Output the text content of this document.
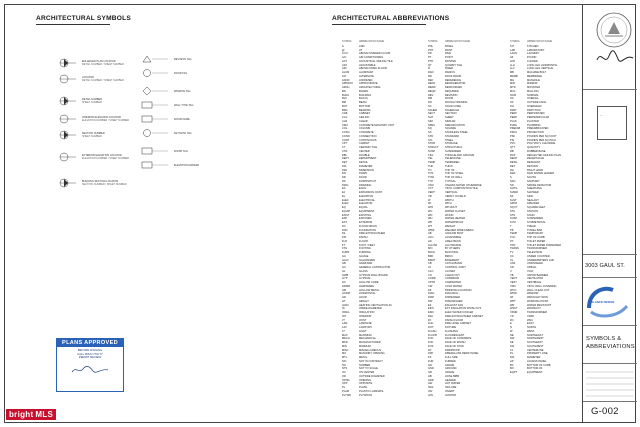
ARCHITECTURAL SYMBOLS	ARCHITECTURAL ABBREVIATIONS
ENLARGED PLAN LOCATOR
DETAIL NUMBER / SHEET NUMBER
LOCATOR
DETAIL NUMBER / SHEET NUMBER
DETAIL NUMBER
SHEET NUMBER
INTERIOR ELEVATION LOCATOR
ELEVATION NUMBER / SHEET NUMBER
SECTION NUMBER
SHEET NUMBER
EXTERIOR ELEVATION LOCATOR
ELEVATION NUMBER / SHEET NUMBER
BUILDING SECTION LOCATOR
SECTION NUMBER / SHEET NUMBER
REVISION TAG
DOOR TAG
WINDOW TAG
WALL TYPE TAG
ROOM NAME
KEYNOTE TAG
FINISH TAG
ELEVATION MARKER
SYMBOL	ABBREVIATION NAME
&	AND
@	AT
A.F.F.	ABOVE FINISHED FLOOR
A/C	AIR CONDITIONING
ACT	ACOUSTICAL CEILING TILE
ADJ	ADJUSTABLE
AFF	ABOVE FINISH FLOOR
ALUM	ALUMINUM
ALT	ALTERNATE
ANOD	ANODIZED
APPROX	APPROXIMATE
ARCH	ARCHITECTURAL
BD	BOARD
BLDG	BUILDING
BLK	BLOCK
BM	BEAM
BOT	BOTTOM
BRG	BEARING
CAB	CABINET
CLG	CEILING
CLR	CLEAR
CMU	CONCRETE MASONRY UNIT
COL	COLUMN
CONC	CONCRETE
CONN	CONNECTION
CONT	CONTINUOUS
CPT	CARPET
CT	CERAMIC TILE
CTR	CENTER
DBL	DOUBLE
DEPT	DEPARTMENT
DET	DETAIL
DIA	DIAMETER
DIM	DIMENSION
DN	DOWN
DR	DOOR
DS	DOWNSPOUT
DWG	DRAWING
EA	EACH
EJ	EXPANSION JOINT
EL	ELEVATION
ELEC	ELECTRICAL
ELEV	ELEVATOR
EQ	EQUAL
EQUIP	EQUIPMENT
EXIST	EXISTING
EXP	EXPOSED
EXT	EXTERIOR
FD	FLOOR DRAIN
FDN	FOUNDATION
FE	FIRE EXTINGUISHER
FIN	FINISH
FLR	FLOOR
FT	FOOT / FEET
FTG	FOOTING
FURR	FURRING
GA	GAUGE
GALV	GALVANIZED
GB	GRAB BAR
GC	GENERAL CONTRACTOR
GL	GLASS
GWB	GYPSUM WALL BOARD
GYP	GYPSUM
HC	HOLLOW CORE
HDWR	HARDWARE
HM	HOLLOW METAL
HORIZ	HORIZONTAL
HR	HOUR
HT	HEIGHT
HVAC	HEATING VENTILATION AC
ID	INSIDE DIAMETER
INSUL	INSULATION
INT	INTERIOR
JT	JOINT
LAM	LAMINATE
LAV	LAVATORY
LT	LIGHT
MAX	MAXIMUM
MECH	MECHANICAL
MFR	MANUFACTURER
MIN	MINIMUM
MISC	MISCELLANEOUS
MO	MASONRY OPENING
MTL	METAL
NIC	NOT IN CONTRACT
NO	NUMBER
NTS	NOT TO SCALE
OC	ON CENTER
OD	OUTSIDE DIAMETER
OPNG	OPENING
OPP	OPPOSITE
PL	PLATE
PLAM	PLASTIC LAMINATE
PLYWD	PLYWOOD
SYMBOL	ABBREVIATION NAME
PNL	PANEL
PNT	PAINT
PR	PAIR
PT	POINT
PTD	PAINTED
QT	QUARRY TILE
R	RISER
RAD	RADIUS
RD	ROOF DRAIN
REF	REFERENCE
REFR	REFRIGERATOR
REINF	REINFORCED
REQD	REQUIRED
REV	REVISION
RM	ROOM
RO	ROUGH OPENING
SC	SOLID CORE
SCHED	SCHEDULE
SECT	SECTION
SHT	SHEET
SIM	SIMILAR
SPEC	SPECIFICATION
SQ	SQUARE
SS	STAINLESS STEEL
STD	STANDARD
STL	STEEL
STOR	STORAGE
STRUCT	STRUCTURAL
SUSP	SUSPENDED
T&G	TONGUE AND GROOVE
TEL	TELEPHONE
TEMP	TEMPERED
THK	THICK
TO	TOP OF
TOS	TOP OF STEEL
TOW	TOP OF WALL
TYP	TYPICAL
UNO	UNLESS NOTED OTHERWISE
VCT	VINYL COMPOSITION TILE
VERT	VERTICAL
VIF	VERIFY IN FIELD
W	WIDTH
W/	WITH
W/O	WITHOUT
WC	WATER CLOSET
WD	WOOD
WH	WATER HEATER
WP	WATERPROOF
WT	WEIGHT
WWF	WELDED WIRE FABRIC
AB	ANCHOR BOLT
ACC	ACCESSIBLE
AD	AREA DRAIN
ALLOW	ALLOWANCE
B/O	BY OTHERS
BLKG	BLOCKING
BRK	BRICK
BSMT	BASEMENT
CB	CATCH BASIN
CJ	CONTROL JOINT
CLO	CLOSET
CO	CLEAN OUT
CORR	CORRIDOR
CPTR	CARPENTER
CW	COLD WATER
DF	DRINKING FOUNTAIN
DIAG	DIAGONAL
DISP	DISPENSER
DW	DISHWASHER
EF	EXHAUST FAN
EIFS	EXT INSULATION FINISH SYS
EWC	ELEC WATER COOLER
FEC	FIRE EXTINGUISHER CABINET
FF	FINISH FLOOR
FHC	FIRE HOSE CABINET
FIXT	FIXTURE
FLASH	FLASHING
FLUOR	FLUORESCENT
FOC	FACE OF CONCRETE
FOF	FACE OF FINISH
FOS	FACE OF STUD
FP	FIREPROOF
FRP	FIBERGLASS REINF PANEL
FS	FULL SIZE
FUR	FURRED
GD	GRADE
GND	GROUND
GR	GRADE
HB	HOSE BIBB
HDR	HEADER
HW	HOT WATER
INCL	INCLUDE
INV	INVERT
JAN	JANITOR
SYMBOL	ABBREVIATION NAME
KIT	KITCHEN
LAB	LABORATORY
LAUN	LAUNDRY
LB	POUND
LKR	LOCKER
LLH	LONG LEG HORIZONTAL
LLV	LONG LEG VERTICAL
MB	MACHINE BOLT
MEMB	MEMBRANE
MH	MANHOLE
MIR	MIRROR
MTD	MOUNTED
MUL	MULLION
NOM	NOMINAL
OA	OVERALL
OF	OUTSIDE FACE
OH	OVERHEAD
PART	PARTITION
PERF	PERFORATED
PERP	PERPENDICULAR
PLAS	PLASTER
PLBG	PLUMBING
PREFAB	PREFABRICATED
PROJ	PROJECTION
PSF	POUNDS PER SQ FOOT
PSI	POUNDS PER SQ INCH
PVC	POLYVINYL CHLORIDE
QTY	QUANTITY
RB	RUBBER BASE
RCP	REFLECTED CEILING PLAN
RECP	RECEPTACLE
RESIL	RESILIENT
RET	RETURN
RH	RIGHT HAND
RWL	RAIN WATER LEADER
S	SOUTH
SAN	SANITARY
SD	SMOKE DETECTOR
SHTG	SHEATHING
SHWR	SHOWER
SK	SINK
SLNT	SEALANT
SPKR	SPEAKER
SQ FT	SQUARE FEET
STA	STATION
STN	STAIN
SUSP	SUSPENDED
SYM	SYMMETRICAL
T	TREAD
TB	TOWEL BAR
TEMP	TEMPORARY
TOC	TOP OF CURB
TP	TOILET PAPER
TPD	TOILET PAPER DISPENSER
TRANS	TRANSFORMER
TV	TELEVISION
UC	UNDER COUNTER
UL	UNDERWRITERS LAB
UNF	UNFINISHED
UR	URINAL
V	VOLT
VB	VAPOR BARRIER
VENT	VENTILATOR
VEST	VESTIBULE
VWC	VINYL WALL COVERING
WCO	WALL CLEAN OUT
WDW	WINDOW
WI	WROUGHT IRON
WPT	WORKING POINT
WR	WATER RESISTANT
WSCT	WAINSCOT
XFMR	TRANSFORMER
YD	YARD
ZN	ZINC
E	EAST
N	NORTH
W	WEST
NE	NORTHEAST
NW	NORTHWEST
SE	SOUTHEAST
SW	SOUTHWEST
CL	CENTERLINE
PL	PROPERTY LINE
DIA	DIAMETER
AP	ACCESS PANEL
BC	BOTTOM OF CURB
BO	BOTTOM OF
EQPT	EQUIPMENT
PLANS APPROVED
BEFORE DIGGING
CALL MISS UTILITY
PERMIT REVIEW
—
3003 GAUL ST.
GLANCE DESIGN
SYMBOLS &
ABBREVIATIONS
G-002
bright MLS
